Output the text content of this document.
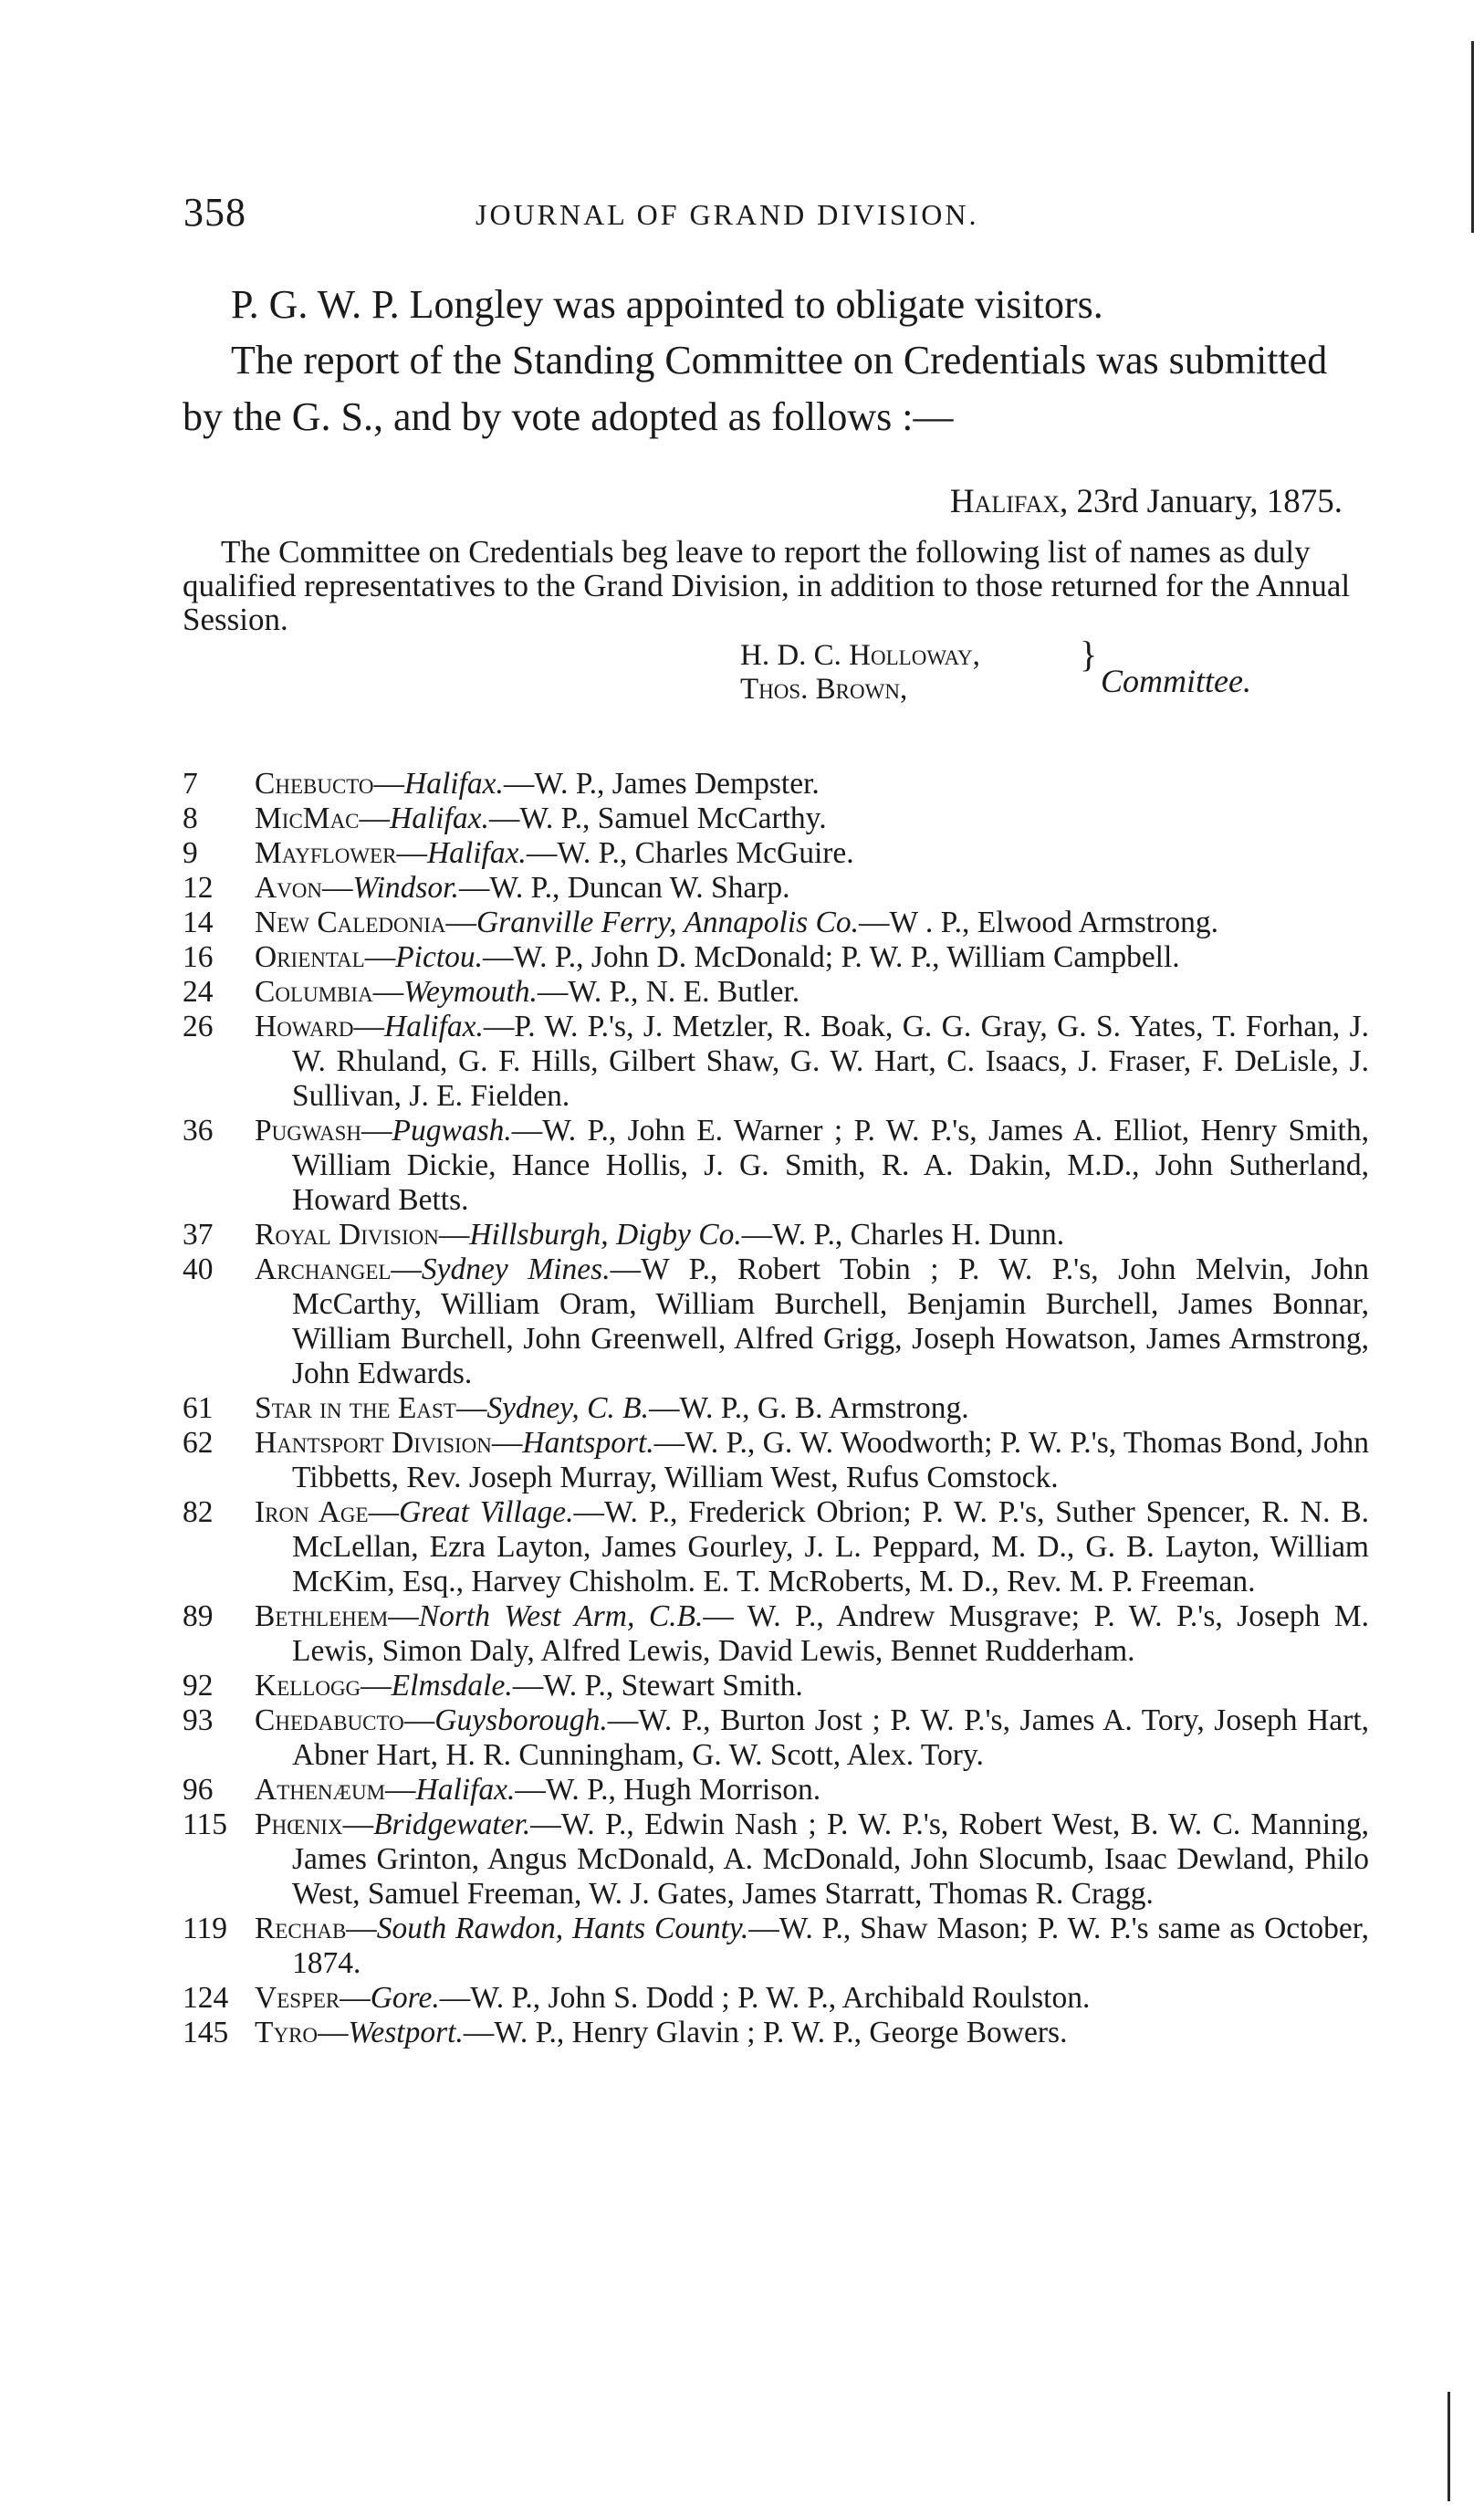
358	JOURNAL OF GRAND DIVISION.
P. G. W. P. Longley was appointed to obligate visitors.
The report of the Standing Committee on Credentials was submitted by the G. S., and by vote adopted as follows :—
Halifax, 23rd January, 1875.
The Committee on Credentials beg leave to report the following list of names as duly qualified representatives to the Grand Division, in addition to those returned for the Annual Session.
H. D. C. Holloway,
Thos. Brown,
}
Committee.
7 Chebucto—Halifax.—W. P., James Dempster.
8 MicMac—Halifax.—W. P., Samuel McCarthy.
9 Mayflower—Halifax.—W. P., Charles McGuire.
12 Avon—Windsor.—W. P., Duncan W. Sharp.
14 New Caledonia—Granville Ferry, Annapolis Co.—W . P., Elwood Armstrong.
16 Oriental—Pictou.—W. P., John D. McDonald; P. W. P., William Campbell.
24 Columbia—Weymouth.—W. P., N. E. Butler.
26 Howard—Halifax.—P. W. P.'s, J. Metzler, R. Boak, G. G. Gray, G. S. Yates, T. Forhan, J. W. Rhuland, G. F. Hills, Gilbert Shaw, G. W. Hart, C. Isaacs, J. Fraser, F. DeLisle, J. Sullivan, J. E. Fielden.
36 Pugwash—Pugwash.—W. P., John E. Warner ; P. W. P.'s, James A. Elliot, Henry Smith, William Dickie, Hance Hollis, J. G. Smith, R. A. Dakin, M.D., John Sutherland, Howard Betts.
37 Royal Division—Hillsburgh, Digby Co.—W. P., Charles H. Dunn.
40 Archangel—Sydney Mines.—W P., Robert Tobin ; P. W. P.'s, John Melvin, John McCarthy, William Oram, William Burchell, Benjamin Burchell, James Bonnar, William Burchell, John Greenwell, Alfred Grigg, Joseph Howatson, James Armstrong, John Edwards.
61 Star in the East—Sydney, C. B.—W. P., G. B. Armstrong.
62 Hantsport Division—Hantsport.—W. P., G. W. Woodworth; P. W. P.'s, Thomas Bond, John Tibbetts, Rev. Joseph Murray, William West, Rufus Comstock.
82 Iron Age—Great Village.—W. P., Frederick Obrion; P. W. P.'s, Suther Spencer, R. N. B. McLellan, Ezra Layton, James Gourley, J. L. Peppard, M. D., G. B. Layton, William McKim, Esq., Harvey Chisholm. E. T. McRoberts, M. D., Rev. M. P. Freeman.
89 Bethlehem—North West Arm, C.B.— W. P., Andrew Musgrave; P. W. P.'s, Joseph M. Lewis, Simon Daly, Alfred Lewis, David Lewis, Bennet Rudderham.
92 Kellogg—Elmsdale.—W. P., Stewart Smith.
93 Chedabucto—Guysborough.—W. P., Burton Jost ; P. W. P.'s, James A. Tory, Joseph Hart, Abner Hart, H. R. Cunningham, G. W. Scott, Alex. Tory.
96 Athenæum—Halifax.—W. P., Hugh Morrison.
115 Phœnix—Bridgewater.—W. P., Edwin Nash ; P. W. P.'s, Robert West, B. W. C. Manning, James Grinton, Angus McDonald, A. McDonald, John Slocumb, Isaac Dewland, Philo West, Samuel Freeman, W. J. Gates, James Starratt, Thomas R. Cragg.
119 Rechab—South Rawdon, Hants County.—W. P., Shaw Mason; P. W. P.'s same as October, 1874.
124 Vesper—Gore.—W. P., John S. Dodd ; P. W. P., Archibald Roulston.
145 Tyro—Westport.—W. P., Henry Glavin ; P. W. P., George Bowers.
